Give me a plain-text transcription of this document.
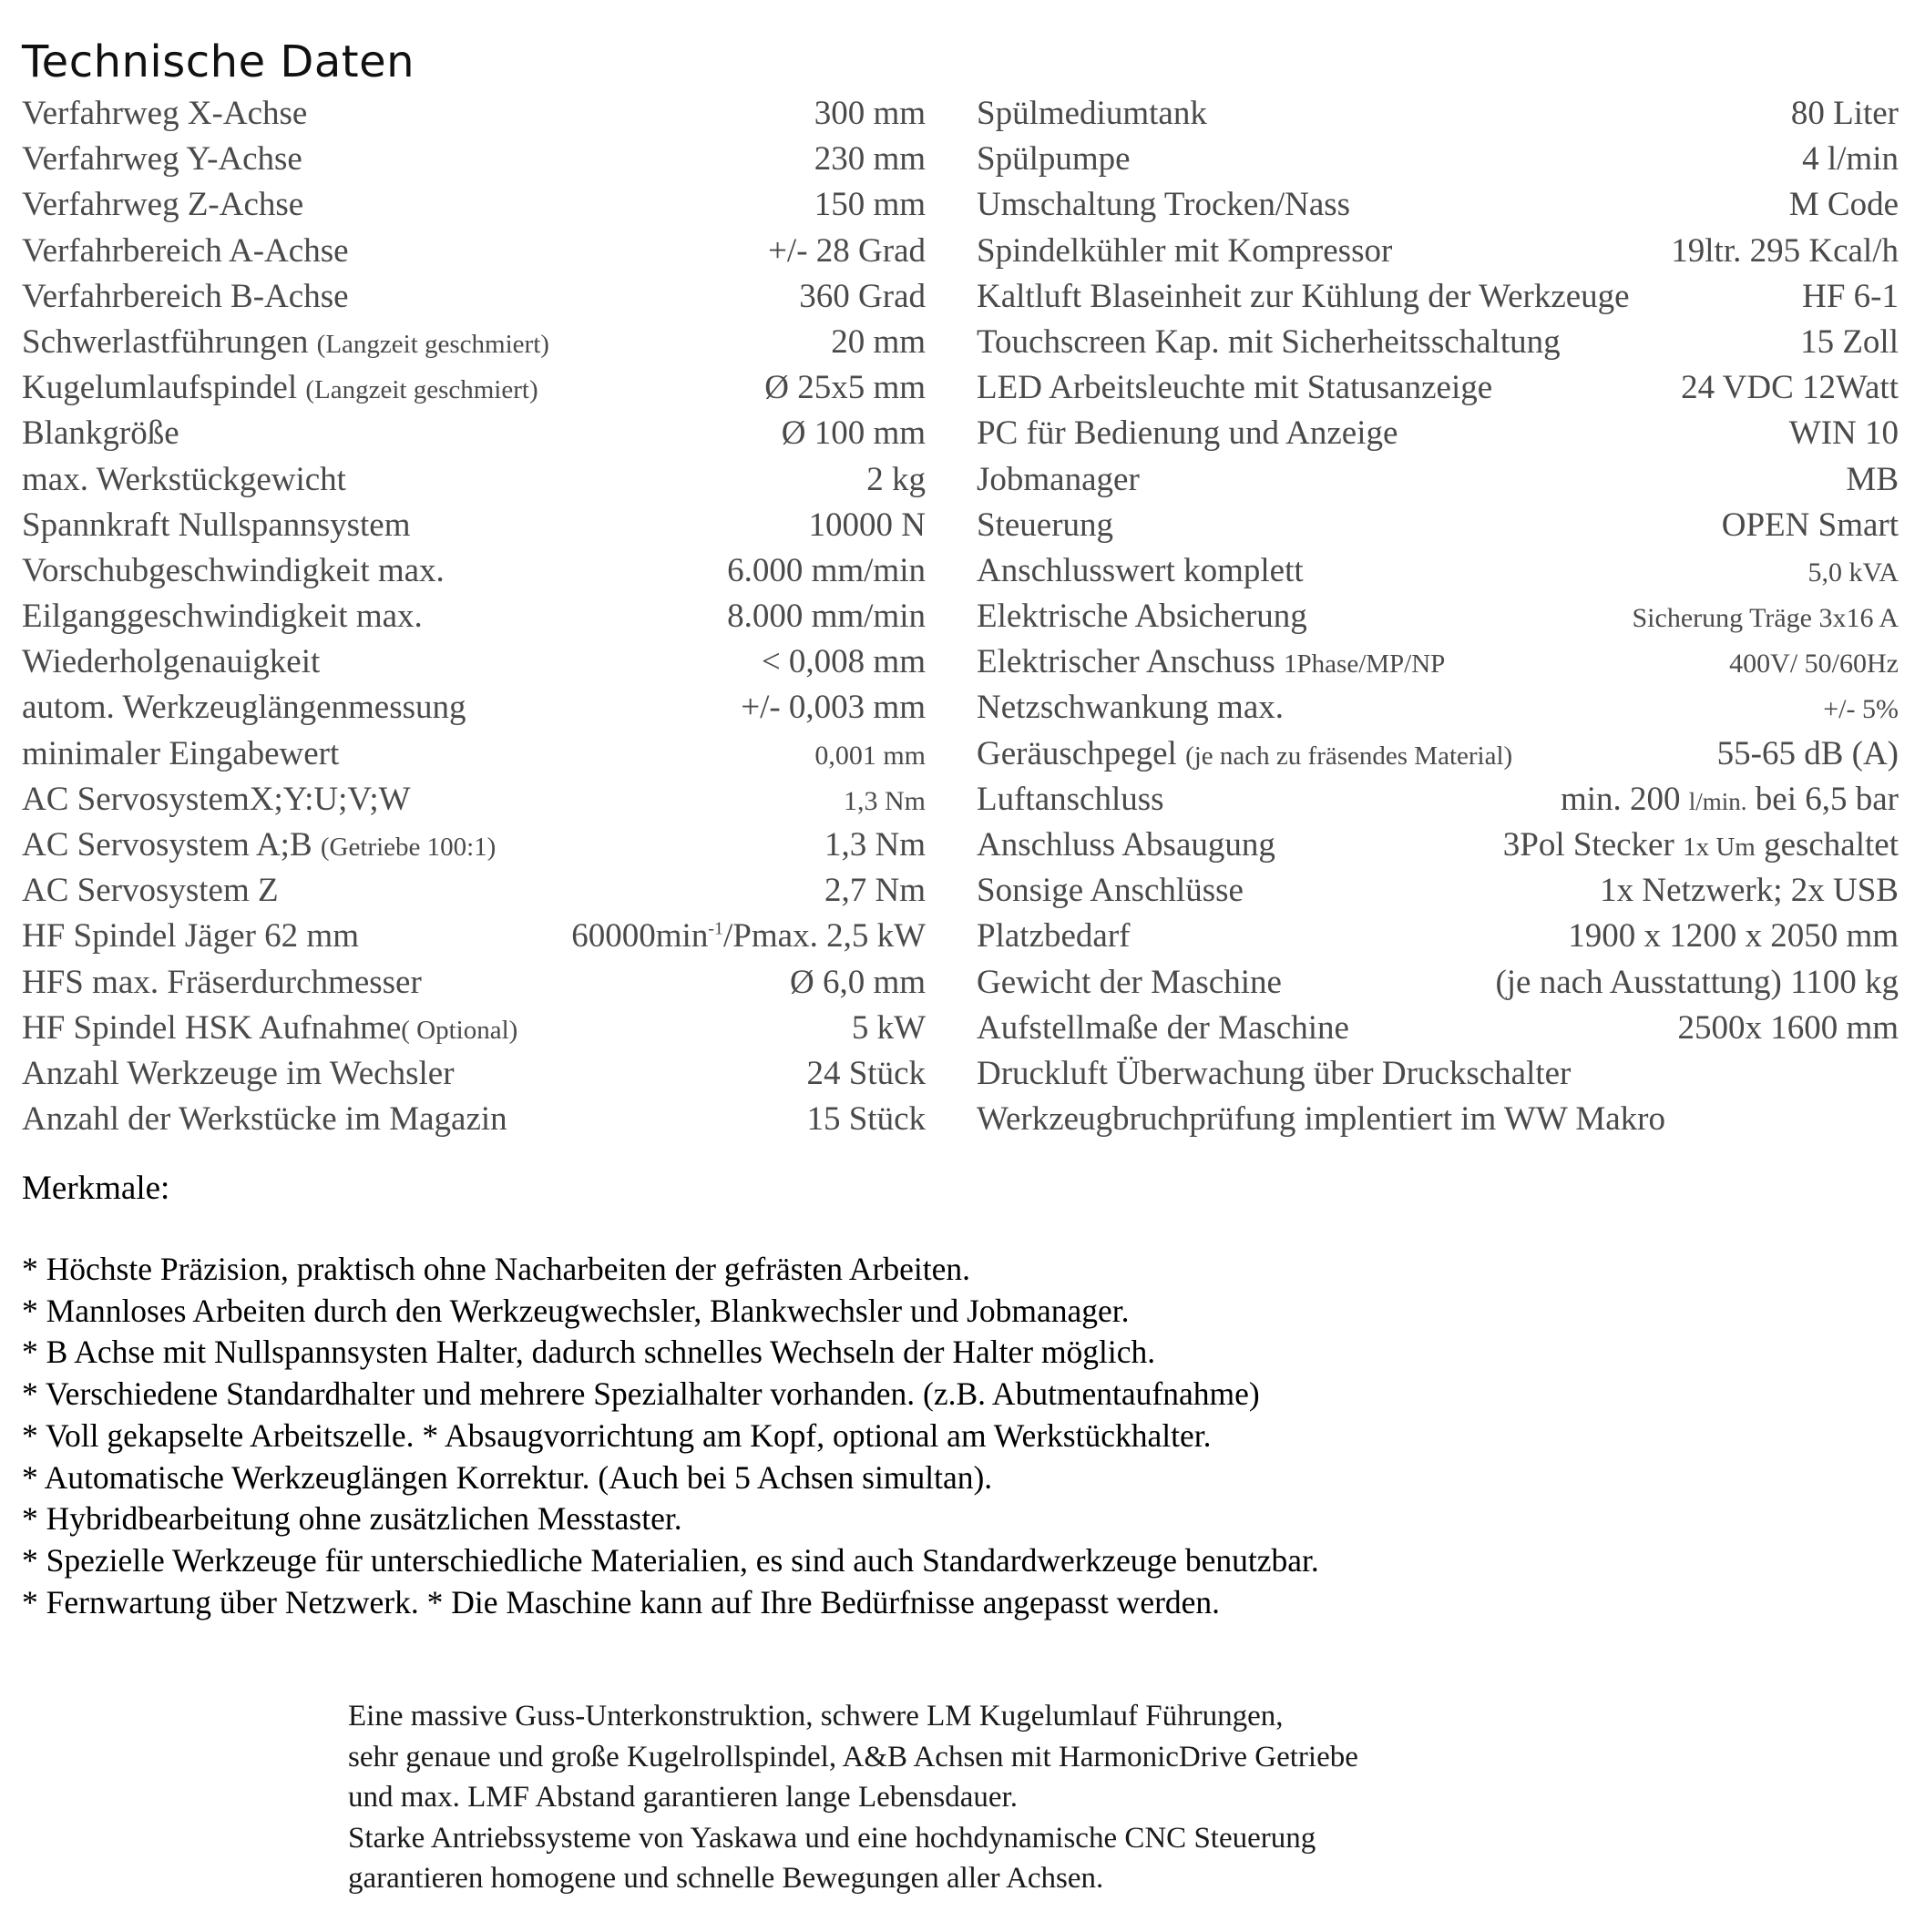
Technische Daten
Verfahrweg X-Achse	300 mm
Verfahrweg Y-Achse	230 mm
Verfahrweg Z-Achse	150 mm
Verfahrbereich A-Achse	+/- 28 Grad
Verfahrbereich B-Achse	360 Grad
Schwerlastführungen (Langzeit geschmiert)	20 mm
Kugelumlaufspindel (Langzeit geschmiert)	Ø 25x5 mm
Blankgröße	Ø 100 mm
max. Werkstückgewicht	2 kg
Spannkraft Nullspannsystem	10000 N
Vorschubgeschwindigkeit max.	6.000 mm/min
Eilganggeschwindigkeit max.	8.000 mm/min
Wiederholgenauigkeit	< 0,008 mm
autom. Werkzeuglängenmessung	+/- 0,003 mm
minimaler Eingabewert	0,001 mm
AC ServosystemX;Y:U;V;W	1,3 Nm
AC Servosystem A;B (Getriebe 100:1)	1,3 Nm
AC Servosystem Z	2,7 Nm
HF Spindel Jäger 62 mm	$60000\min^{-1}$/Pmax. 2,5 kW
HFS max. Fräserdurchmesser	Ø 6,0 mm
HF Spindel HSK Aufnahme( Optional)	5 kW
Anzahl Werkzeuge im Wechsler	24 Stück
Anzahl der Werkstücke im Magazin	15 Stück
Spülmediumtank	80 Liter
Spülpumpe	4 l/min
Umschaltung Trocken/Nass	M Code
Spindelkühler mit Kompressor	19ltr. 295 Kcal/h
Kaltluft Blaseinheit zur Kühlung der Werkzeuge	HF 6-1
Touchscreen Kap. mit Sicherheitsschaltung	15 Zoll
LED Arbeitsleuchte mit Statusanzeige	24 VDC 12Watt
PC für Bedienung und Anzeige	WIN 10
Jobmanager	MB
Steuerung	OPEN Smart
Anschlusswert komplett	5,0 kVA
Elektrische Absicherung	Sicherung Träge 3x16 A
Elektrischer Anschuss 1Phase/MP/NP	400V/ 50/60Hz
Netzschwankung max.	+/- 5%
Geräuschpegel (je nach zu fräsendes Material)	55-65 dB (A)
Luftanschluss	min. 200 l/min. bei 6,5 bar
Anschluss Absaugung	3Pol Stecker 1x Um geschaltet
Sonsige Anschlüsse	1x Netzwerk; 2x USB
Platzbedarf	1900 x 1200 x 2050 mm
Gewicht der Maschine	(je nach Ausstattung) 1100 kg
Aufstellmaße der Maschine	2500x 1600 mm
Druckluft Überwachung über Druckschalter
Werkzeugbruchprüfung implentiert im WW Makro
Merkmale:
* Höchste Präzision, praktisch ohne Nacharbeiten der gefrästen Arbeiten.
* Mannloses Arbeiten durch den Werkzeugwechsler, Blankwechsler und Jobmanager.
* B Achse mit Nullspannsysten Halter, dadurch schnelles Wechseln der Halter möglich.
* Verschiedene Standardhalter und mehrere Spezialhalter vorhanden. (z.B. Abutmentaufnahme)
* Voll gekapselte Arbeitszelle. * Absaugvorrichtung am Kopf, optional am Werkstückhalter.
* Automatische Werkzeuglängen Korrektur. (Auch bei 5 Achsen simultan).
* Hybridbearbeitung ohne zusätzlichen Messtaster.
* Spezielle Werkzeuge für unterschiedliche Materialien, es sind auch Standardwerkzeuge benutzbar.
* Fernwartung über Netzwerk. * Die Maschine kann auf Ihre Bedürfnisse angepasst werden.
Eine massive Guss-Unterkonstruktion, schwere LM Kugelumlauf Führungen,
sehr genaue und große Kugelrollspindel, A&B Achsen mit HarmonicDrive Getriebe
und max. LMF Abstand garantieren lange Lebensdauer.
Starke Antriebssysteme von Yaskawa und eine hochdynamische CNC Steuerung
garantieren homogene und schnelle Bewegungen aller Achsen.
